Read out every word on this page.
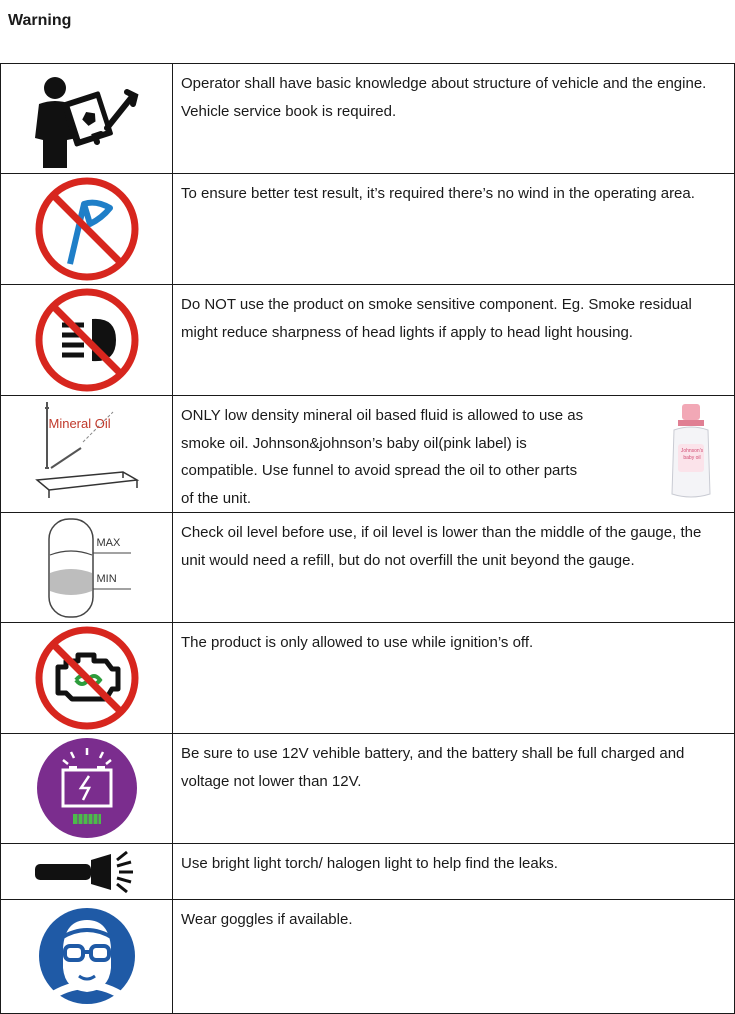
Warning
	Operator shall have basic knowledge about structure of vehicle and the engine. Vehicle service book is required.

	To ensure better test result, it’s required there’s no wind in the operating area.

	Do NOT use the product on smoke sensitive component. Eg. Smoke residual might reduce sharpness of head lights if apply to head light housing.

Mineral Oil	ONLY low density mineral oil based fluid is allowed to use as smoke oil. Johnson&johnson’s baby oil(pink label) is compatible. Use funnel to avoid spread the oil to other parts of the unit.
Johnson's baby oil

MAX
MIN	Check oil level before use, if oil level is lower than the middle of the gauge, the unit would need a refill, but do not overfill the unit beyond the gauge.

	The product is only allowed to use while ignition’s off.

	Be sure to use 12V vehible battery, and the battery shall be full charged and voltage not lower than 12V.

	Use bright light torch/ halogen light to help find the leaks.

	Wear goggles if available.
